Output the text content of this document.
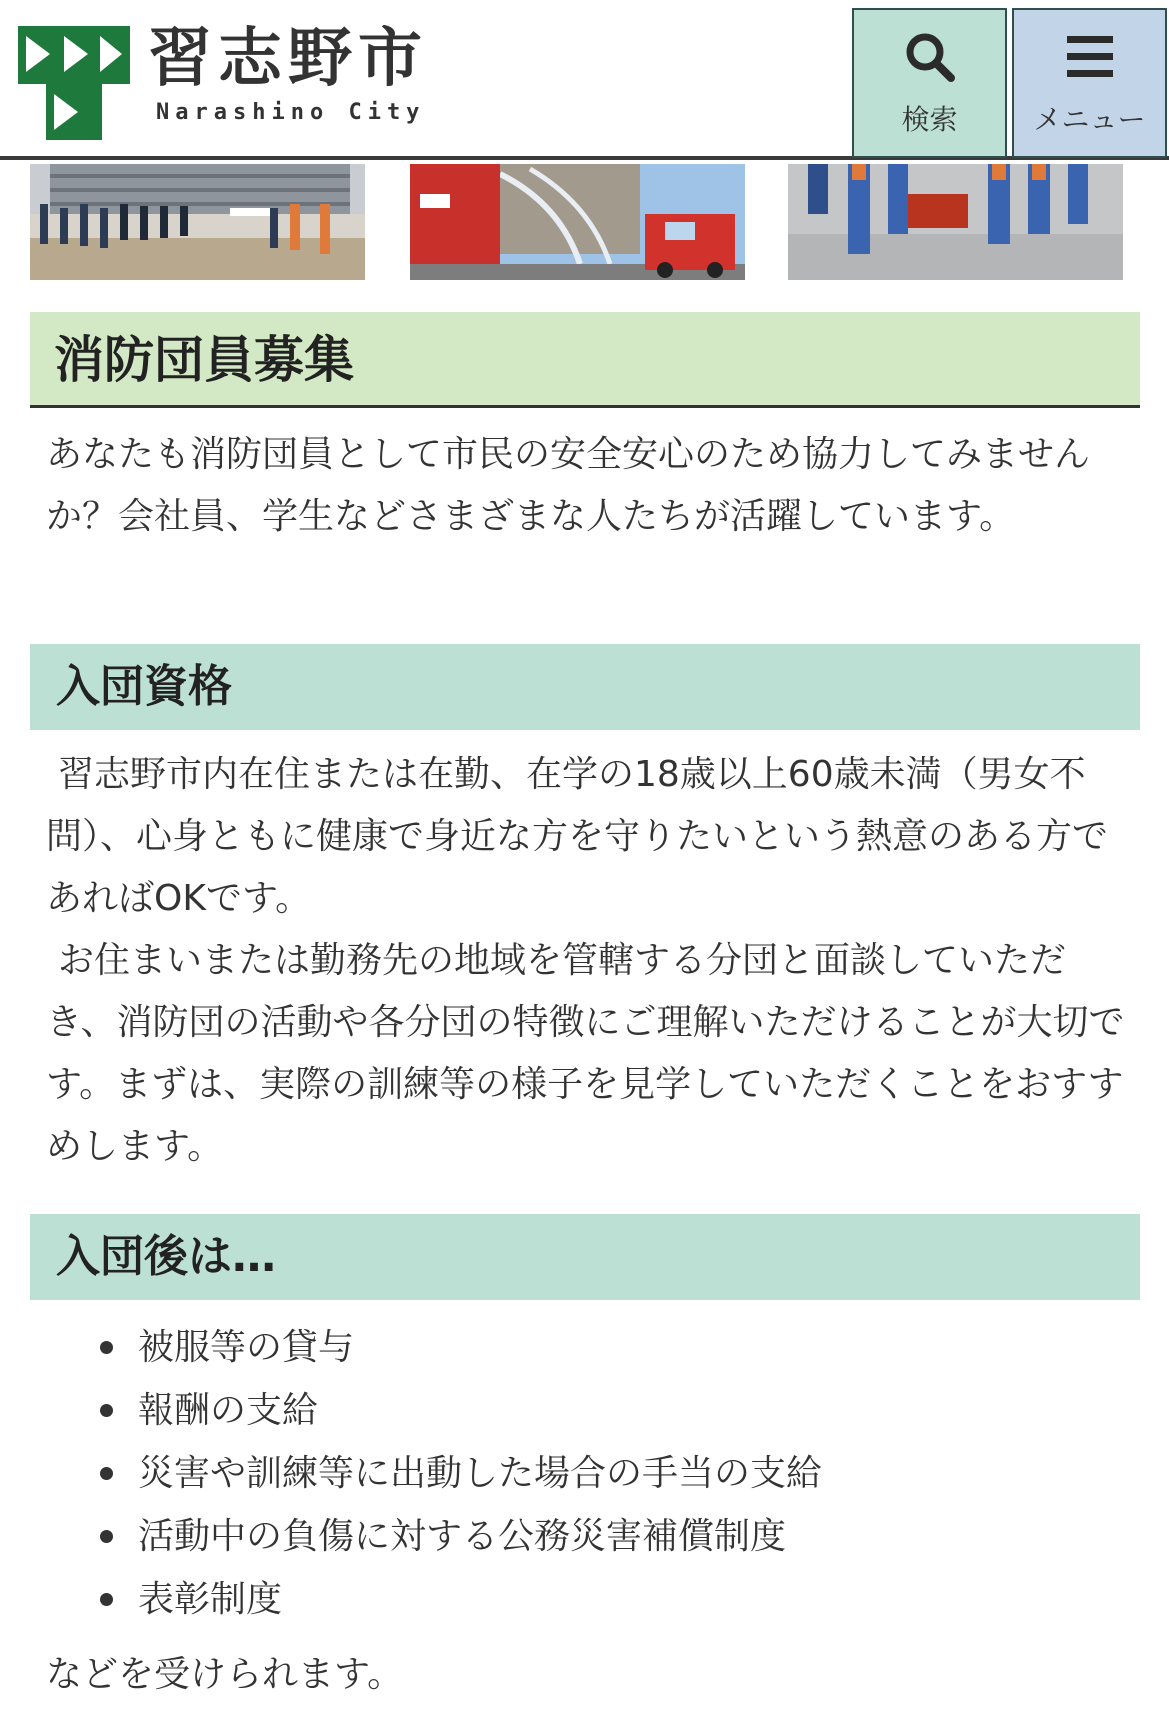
習志野市
Narashino City	検索	メニュー
消防団員募集

あなたも消防団員として市民の安全安心のため協力してみませんか？会社員、学生などさまざまな人たちが活躍しています。

入団資格

習志野市内在住または在勤、在学の18歳以上60歳未満（男女不問）、心身ともに健康で身近な方を守りたいという熱意のある方であればOKです。

お住まいまたは勤務先の地域を管轄する分団と面談していただき、消防団の活動や各分団の特徴にご理解いただけることが大切です。まずは、実際の訓練等の様子を見学していただくことをおすすめします。

入団後は…
被服等の貸与
報酬の支給
災害や訓練等に出動した場合の手当の支給
活動中の負傷に対する公務災害補償制度
表彰制度

などを受けられます。
